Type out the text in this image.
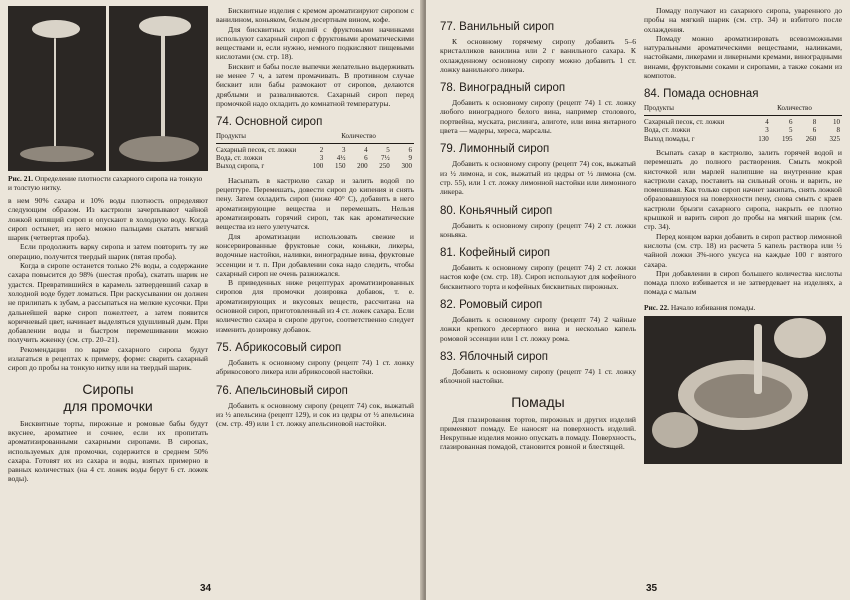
Рис. 21. Определение плотности сахарного сиропа на тонкую и толстую нитку.

в нем 90% сахара и 10% воды плотность определяют следующим образом. Из кастрюли зачерпывают чайной ложкой кипящий сироп и опускают в холодную воду. Когда сироп остынет, из него можно пальцами скатать мягкий шарик (четвертая проба).

Если продолжить варку сиропа и затем повторить ту же операцию, получится твердый шарик (пятая проба).

Когда в сиропе останется только 2% воды, а содержание сахара повысится до 98% (шестая проба), скатать шарик не удастся. Превратившийся в карамель затвердевший сахар в холодной воде будет ломаться. При раскусывании он должен не прилипать к зубам, а рассыпаться на мелкие кусочки. При дальнейшей варке сироп пожелтеет, а затем появится коричневый цвет, начинает выделяться удушливый дым. При добавлении воды и быстром перемешивании можно получить жженку (см. стр. 20–21).

Рекомендации по варке сахарного сиропа будут излагаться в рецептах к примеру, форме: сварить сахарный сироп до пробы на тонкую нитку или на твердый шарик.

Сиропы
для промочки

Бисквитные торты, пирожные и ромовые бабы будут вкуснее, ароматнее и сочнее, если их пропитать ароматизированными сахарными сиропами. В сиропах, используемых для промочки, содержится в среднем 50% сахара. Готовят их из сахара и воды, взятых примерно в равных количествах (на 4 ст. ложек воды берут 6 ст. ложек воды).

Бисквитные изделия с кремом ароматизируют сиропом с ванилином, коньяком, белым десертным вином, кофе.

Для бисквитных изделий с фруктовыми начинками используют сахарный сироп с фруктовыми ароматическими веществами и, если нужно, немного подкисляют пищевыми кислотами (см. стр. 18).

Бисквит и бабы после выпечки желательно выдерживать не менее 7 ч, а затем промачивать. В противном случае бисквит или бабы размокают от сиропов, делаются дряблыми и разваливаются. Сахарный сироп перед промочкой надо охладить до комнатной температуры.

74. Основной сироп
Продукты	Количество				
Сахарный песок, ст. ложки	2	3	4	5	6
Вода, ст. ложки	3	4½	6	7½	9
Выход сиропа, г	100	150	200	250	300

Насыпать в кастрюлю сахар и залить водой по рецептуре. Перемешать, довести сироп до кипения и снять пену. Затем охладить сироп (ниже 40° С), добавить в него ароматизирующие вещества и перемешать. Нельзя ароматизировать горячий сироп, так как ароматические вещества из него улетучатся.

Для ароматизации использовать свежие и консервированные фруктовые соки, коньяки, ликеры, водочные настойки, наливки, виноградные вина, фруктовые эссенции и т. п. При добавлении сока надо следить, чтобы сахарный сироп не очень разжижался.

В приведенных ниже рецептурах ароматизированных сиропов для промочки дозировка добавок, т. е. ароматизирующих и вкусовых веществ, рассчитана на основной сироп, приготовленный из 4 ст. ложек сахара. Если количество сахара в сиропе другое, соответственно следует изменить дозировку добавок.

75. Абрикосовый сироп

Добавить к основному сиропу (рецепт 74) 1 ст. ложку абрикосового ликера или абрикосовой настойки.

76. Апельсиновый сироп

Добавить к основному сиропу (рецепт 74) сок, выжатый из ½ апельсина (рецепт 129), и сок из цедры от ½ апельсина (см. стр. 49) или 1 ст. ложку апельсиновой настойки.

34
77. Ванильный сироп

К основному горячему сиропу добавить 5–6 кристалликов ванилина или 2 г ванильного сахара. К охлажденному основному сиропу можно добавить 1 ст. ложку ванильного ликера.

78. Виноградный сироп

Добавить к основному сиропу (рецепт 74) 1 ст. ложку любого виноградного белого вина, например столового, портвейна, муската, рислинга, алиготе, или вина янтарного цвета — мадеры, хереса, марсалы.

79. Лимонный сироп

Добавить к основному сиропу (рецепт 74) сок, выжатый из ½ лимона, и сок, выжатый из цедры от ½ лимона (см. стр. 55), или 1 ст. ложку лимонной настойки или лимонного ликера.

80. Коньячный сироп

Добавить к основному сиропу (рецепт 74) 2 ст. ложки коньяка.

81. Кофейный сироп

Добавить к основному сиропу (рецепт 74) 2 ст. ложки настоя кофе (см. стр. 18). Сироп используют для кофейного бисквитного торта и кофейных бисквитных пирожных.

82. Ромовый сироп

Добавить к основному сиропу (рецепт 74) 2 чайные ложки крепкого десертного вина и несколько капель ромовой эссенции или 1 ст. ложку рома.

83. Яблочный сироп

Добавить к основному сиропу (рецепт 74) 1 ст. ложку яблочной настойки.

Помады

Для глазирования тортов, пирожных и других изделий применяют помаду. Ее наносят на поверхность изделий. Некрупные изделия можно опускать в помаду. Поверхность, глазированная помадой, становится ровной и блестящей.

Помаду получают из сахарного сиропа, уваренного до пробы на мягкий шарик (см. стр. 34) и взбитого после охлаждения.

Помаду можно ароматизировать всевозможными натуральными ароматическими веществами, наливками, настойками, ликерами и ликерными кремами, виноградными винами, фруктовыми соками и сиропами, а также соками из компотов.

84. Помада основная
Продукты	Количество			
Сахарный песок, ст. ложки	4	6	8	10
Вода, ст. ложки	3	5	6	8
Выход помады, г	130	195	260	325

Всыпать сахар в кастрюлю, залить горячей водой и перемешать до полного растворения. Смыть мокрой кисточкой или марлей налипшие на внутренние края кастрюли сахар, поставить на сильный огонь и варить, не помешивая. Как только сироп начнет закипать, снять ложкой образовавшуюся на поверхности пену, снова смыть с краев кастрюли брызги сахарного сиропа, накрыть ее плотно крышкой и варить сироп до пробы на мягкий шарик (см. стр. 34).

Перед концом варки добавить в сироп раствор лимонной кислоты (см. стр. 18) из расчета 5 капель раствора или ½ чайной ложки 3%-ного уксуса на каждые 100 г взятого сахара.

При добавлении в сироп большего количества кислоты помада плохо взбивается и не затвердевает на изделиях, а помада с малым

Рис. 22. Начало взбивания помады.
35
